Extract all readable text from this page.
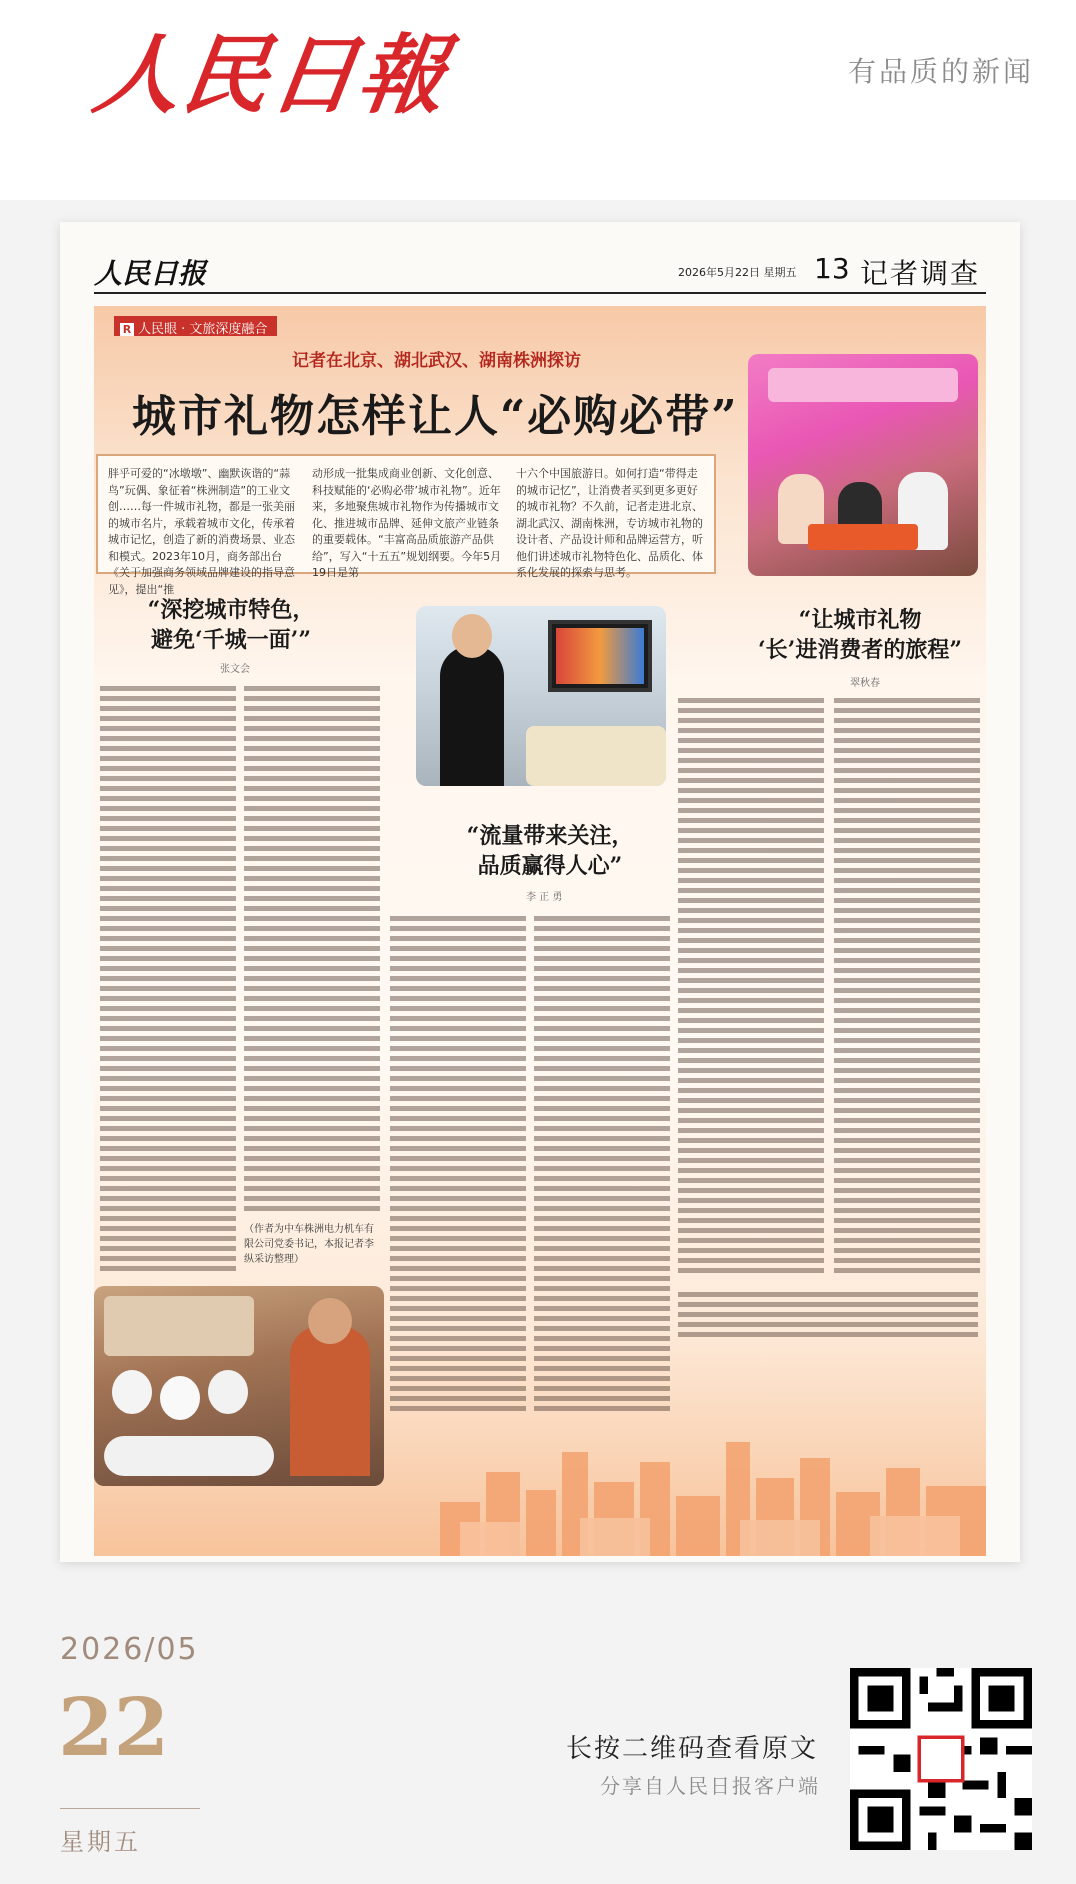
人民日報	有品质的新闻
人民日报	2026年5月22日 星期五 13 记者调查
R 人民眼 · 文旅深度融合
记者在北京、湖北武汉、湖南株洲探访
城市礼物怎样让人“必购必带”
胖乎可爱的“冰墩墩”、幽默诙谐的“蒜鸟”玩偶、象征着“株洲制造”的工业文创……每一件城市礼物，都是一张美丽的城市名片，承载着城市文化，传承着城市记忆，创造了新的消费场景、业态和模式。2023年10月，商务部出台《关于加强商务领域品牌建设的指导意见》，提出“推
动形成一批集成商业创新、文化创意、科技赋能的‘必购必带’城市礼物”。近年来，多地聚焦城市礼物作为传播城市文化、推进城市品牌、延伸文旅产业链条的重要载体。“丰富高品质旅游产品供给”，写入“十五五”规划纲要。今年5月19日是第
十六个中国旅游日。如何打造“带得走的城市记忆”，让消费者买到更多更好的城市礼物？不久前，记者走进北京、湖北武汉、湖南株洲，专访城市礼物的设计者、产品设计师和品牌运营方，听他们讲述城市礼物特色化、品质化、体系化发展的探索与思考。
“深挖城市特色，
避免‘千城一面’”
张文会
“让城市礼物
‘长’进消费者的旅程”
翠秋春
“流量带来关注，
品质赢得人心”
李 正 勇
（作者为中车株洲电力机车有限公司党委书记，本报记者李纵采访整理）
2026/05
22
星期五
长按二维码查看原文
分享自人民日报客户端
